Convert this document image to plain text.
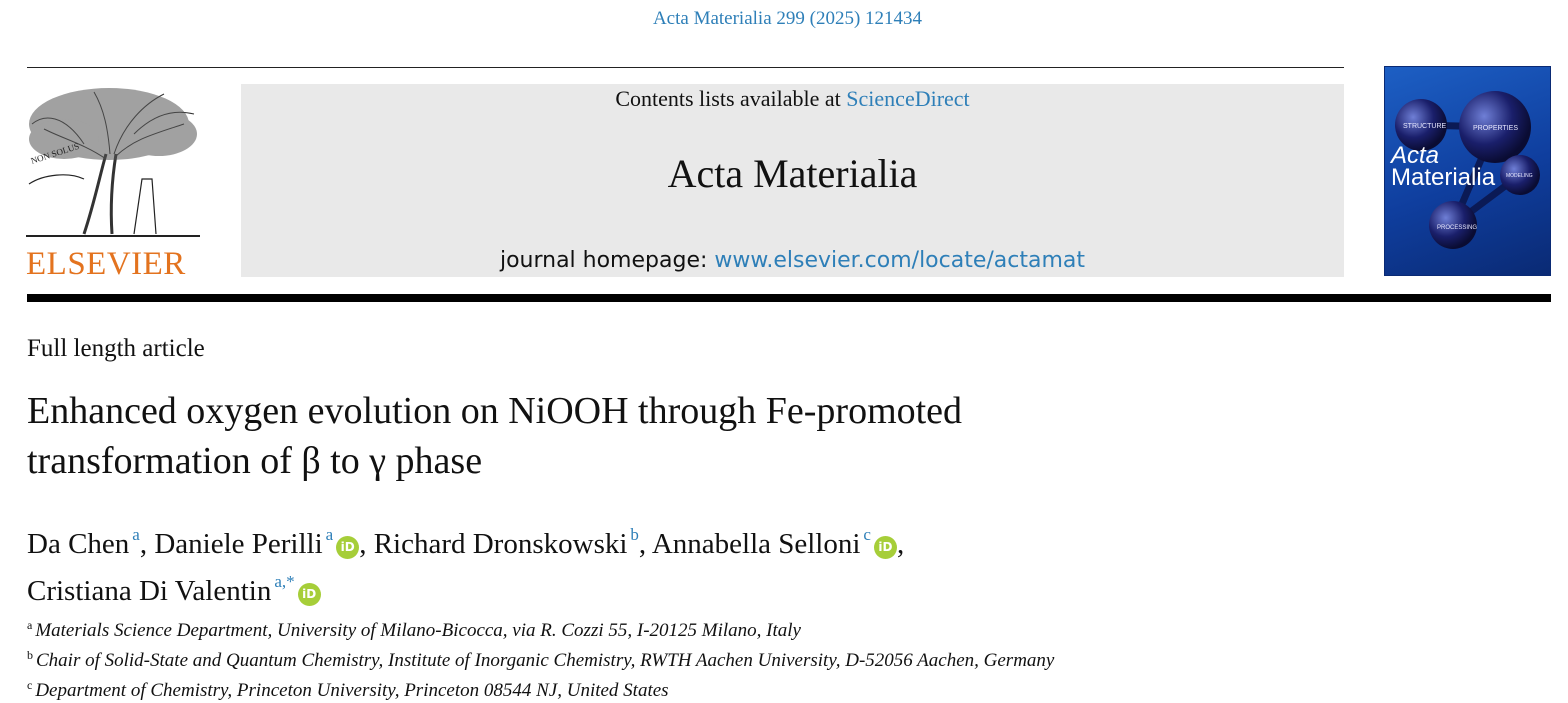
Acta Materialia 299 (2025) 121434
NON SOLUS
ELSEVIER
Contents lists available at ScienceDirect
Acta Materialia
journal homepage: www.elsevier.com/locate/actamat
STRUCTURE	PROPERTIES
MODELING
PROCESSING
Acta
Materialia
Full length article
Enhanced oxygen evolution on NiOOH through Fe-promoted
transformation of β to γ phase
Da Chen $^a$, Daniele Perilli $^a$iD , Richard Dronskowski $^b$, Annabella Selloni $^c$iD ,
Cristiana Di Valentin $^{a,*}$iD
$^a$ Materials Science Department, University of Milano-Bicocca, via R. Cozzi 55, I-20125 Milano, Italy
$^b$ Chair of Solid-State and Quantum Chemistry, Institute of Inorganic Chemistry, RWTH Aachen University, D-52056 Aachen, Germany
$^c$ Department of Chemistry, Princeton University, Princeton 08544 NJ, United States
